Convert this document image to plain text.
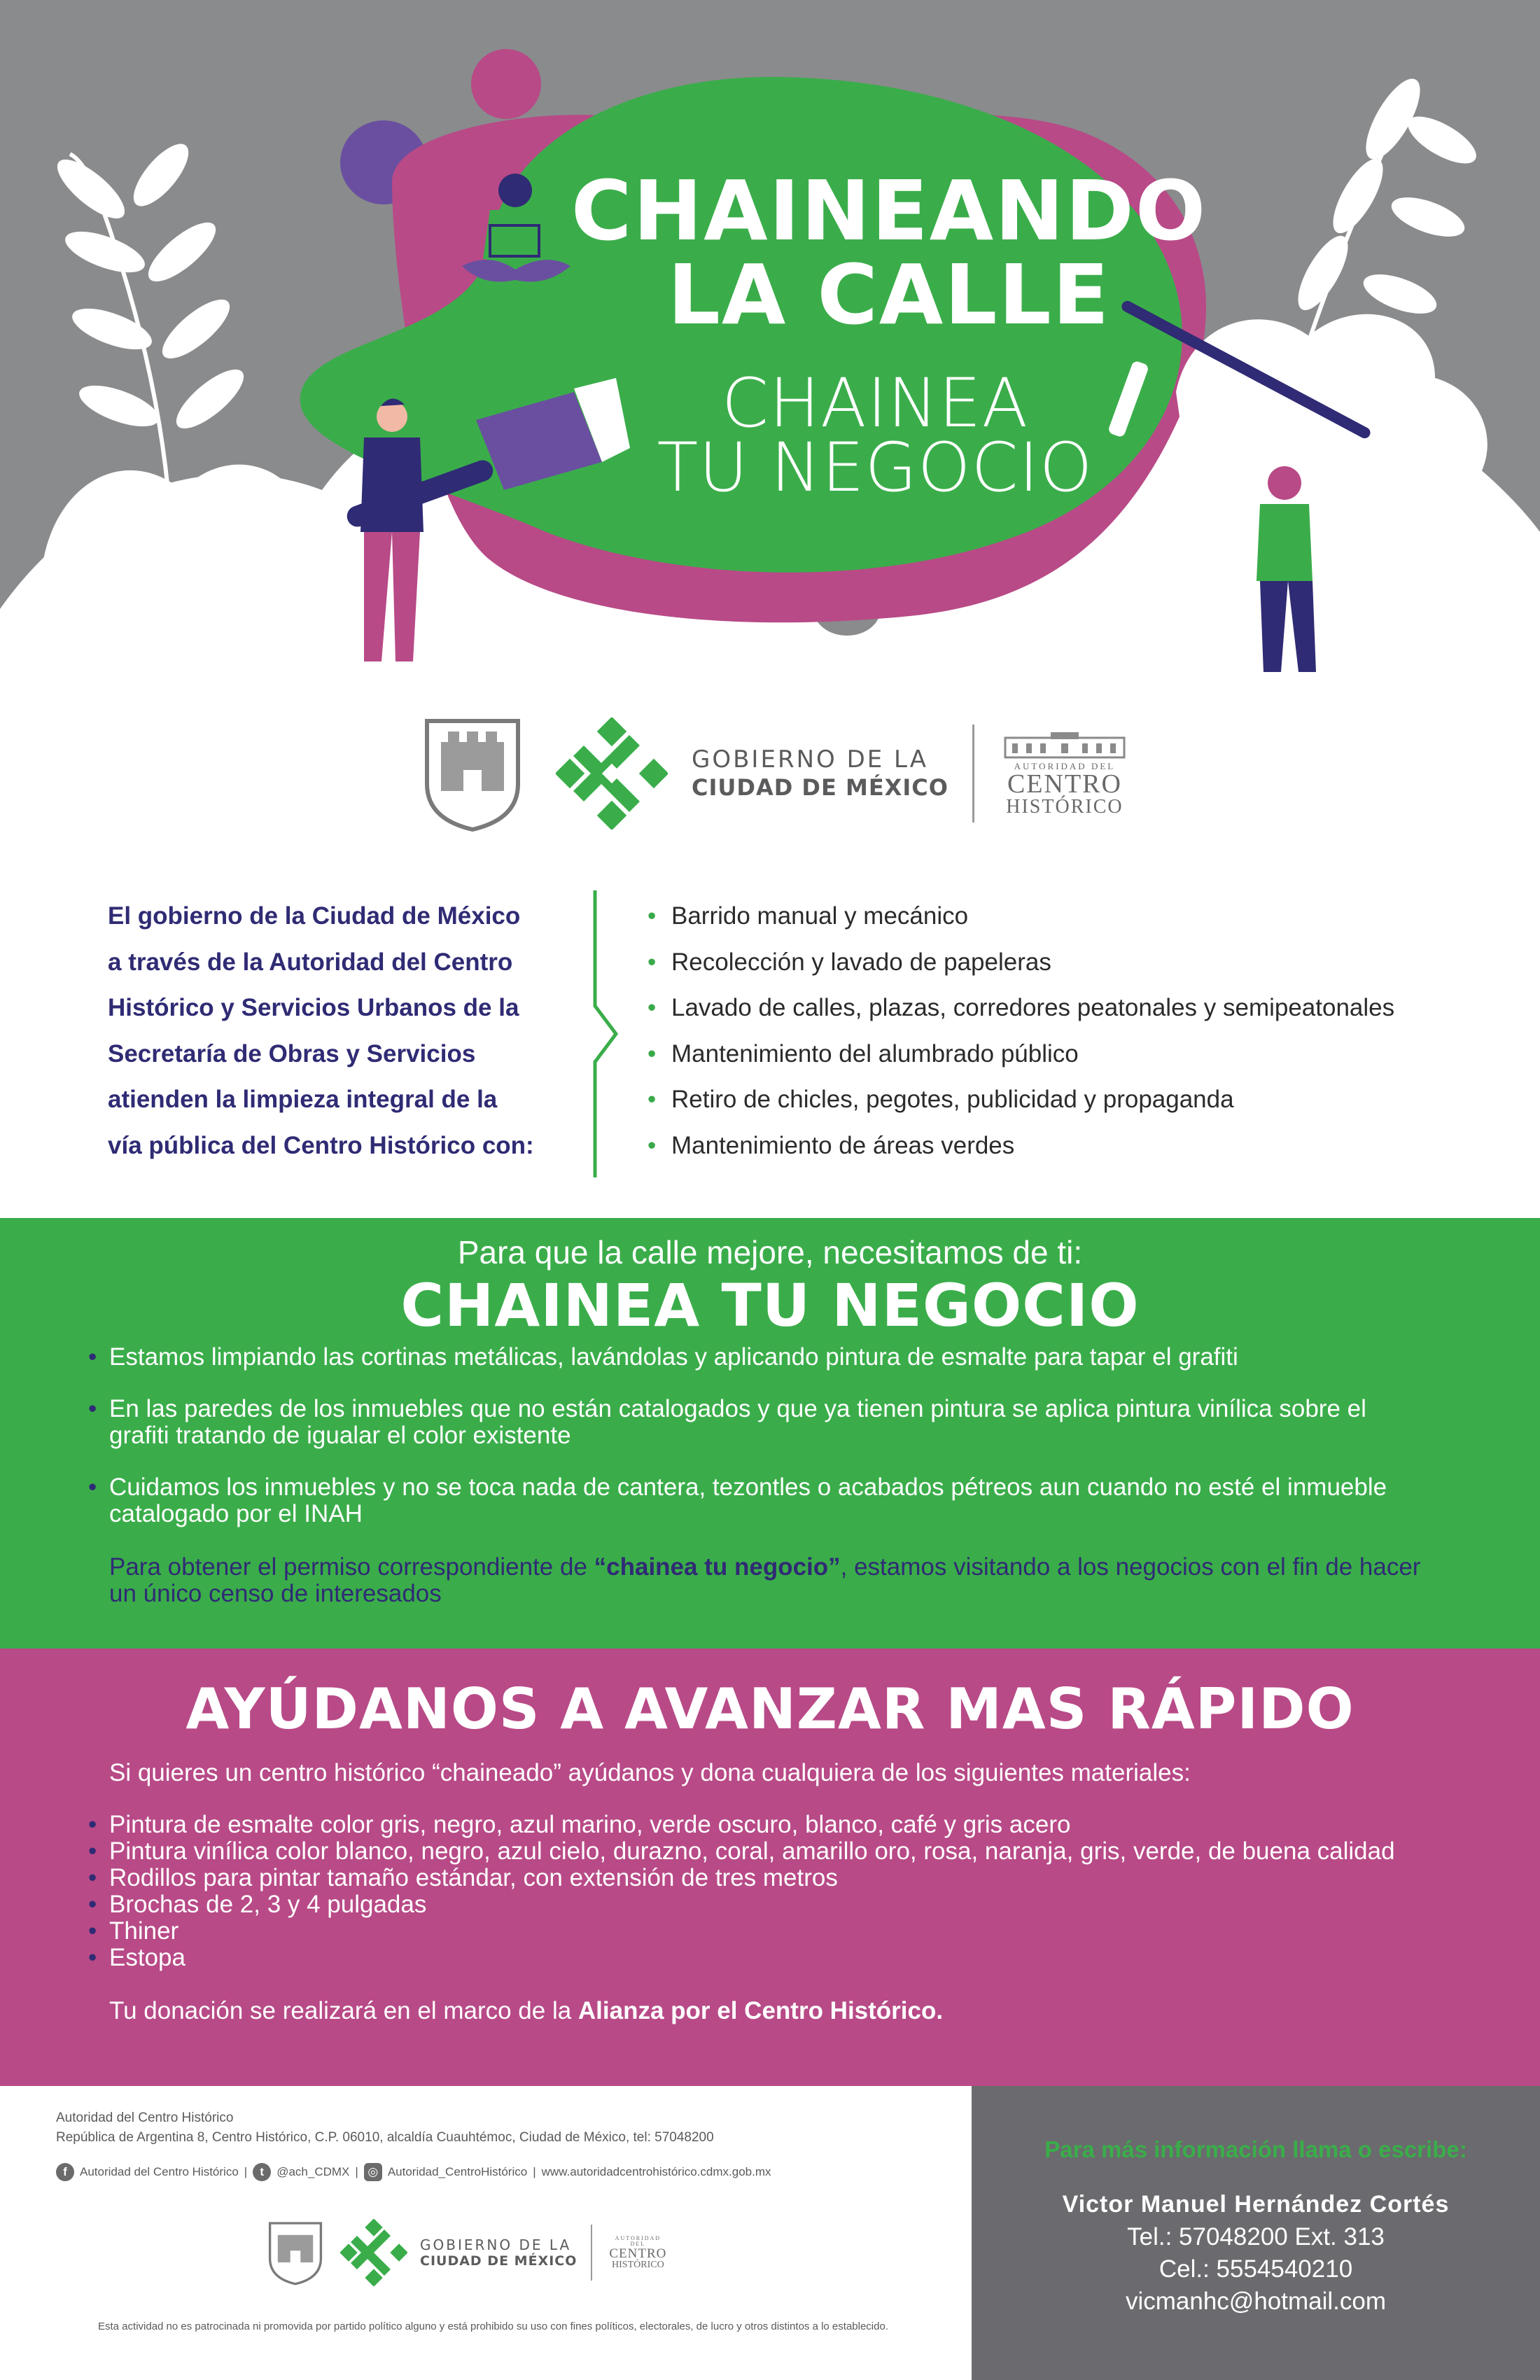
CHAINEANDO
LA CALLE
CHAINEA
TU NEGOCIO
GOBIERNO DE LA
CIUDAD DE MÉXICO
AUTORIDAD DEL
CENTRO
HISTÓRICO
El gobierno de la Ciudad de México
a través de la Autoridad del Centro
Histórico y Servicios Urbanos de la
Secretaría de Obras y Servicios
atienden la limpieza integral de la
vía pública del Centro Histórico con:
• Barrido manual y mecánico
• Recolección y lavado de papeleras
• Lavado de calles, plazas, corredores peatonales y semipeatonales
• Mantenimiento del alumbrado público
• Retiro de chicles, pegotes, publicidad y propaganda
• Mantenimiento de áreas verdes
Para que la calle mejore, necesitamos de ti:
CHAINEA TU NEGOCIO
• Estamos limpiando las cortinas metálicas, lavándolas y aplicando pintura de esmalte para tapar el grafiti
• En las paredes de los inmuebles que no están catalogados y que ya tienen pintura se aplica pintura vinílica sobre el grafiti tratando de igualar el color existente
• Cuidamos los inmuebles y no se toca nada de cantera, tezontles o acabados pétreos aun cuando no esté el inmueble catalogado por el INAH

Para obtener el permiso correspondiente de “chainea tu negocio”, estamos visitando a los negocios con el fin de hacer un único censo de interesados

AYÚDANOS A AVANZAR MAS RÁPIDO
Si quieres un centro histórico “chaineado” ayúdanos y dona cualquiera de los siguientes materiales:
• Pintura de esmalte color gris, negro, azul marino, verde oscuro, blanco, café y gris acero
• Pintura vinílica color blanco, negro, azul cielo, durazno, coral, amarillo oro, rosa, naranja, gris, verde, de buena calidad
• Rodillos para pintar tamaño estándar, con extensión de tres metros
• Brochas de 2, 3 y 4 pulgadas
• Thiner
• Estopa
Tu donación se realizará en el marco de la Alianza por el Centro Histórico.
Autoridad del Centro Histórico
República de Argentina 8, Centro Histórico, C.P. 06010, alcaldía Cuauhtémoc, Ciudad de México, tel: 57048200
f	Autoridad del Centro Histórico |	t	@ach_CDMX | ◎ Autoridad_CentroHistórico | www.autoridadcentrohistórico.cdmx.gob.mx
GOBIERNO DE LA
CIUDAD DE MÉXICO
AUTORIDAD DEL
CENTRO
HISTÓRICO
Esta actividad no es patrocinada ni promovida por partido político alguno y está prohibido su uso con fines políticos, electorales, de lucro y otros distintos a lo establecido.
Para más información llama o escribe:
Victor Manuel Hernández Cortés
Tel.: 57048200 Ext. 313
Cel.: 5554540210
vicmanhc@hotmail.com
